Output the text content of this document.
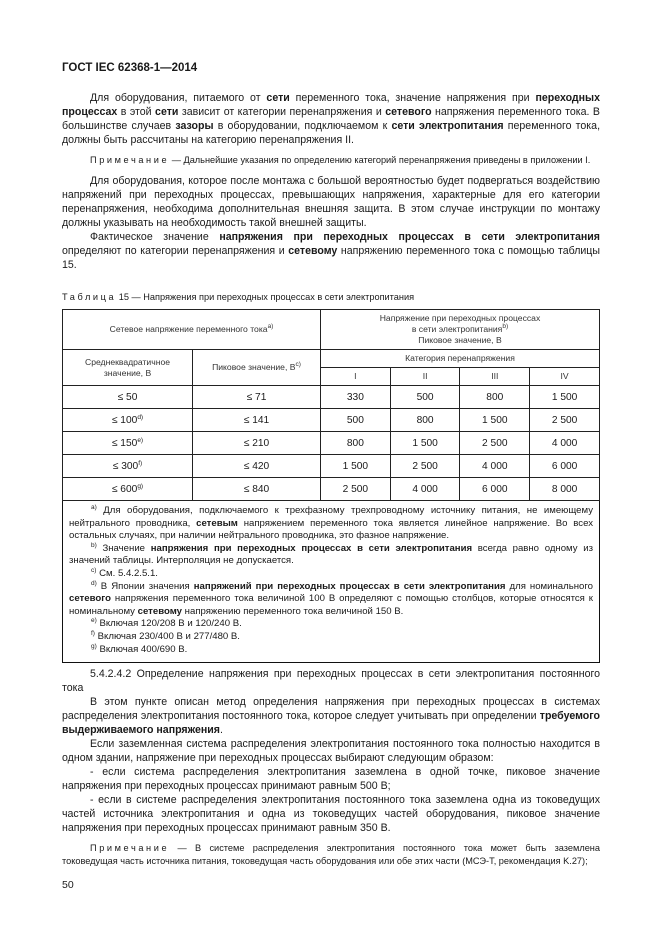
ГОСТ IEC 62368-1—2014

Для оборудования, питаемого от сети переменного тока, значение напряжения при переходных процессах в этой сети зависит от категории перенапряжения и сетевого напряжения переменного тока. В большинстве случаев зазоры в оборудовании, подключаемом к сети электропитания переменного тока, должны быть рассчитаны на категорию перенапряжения II.

Примечание — Дальнейшие указания по определению категорий перенапряжения приведены в приложении I.

Для оборудования, которое после монтажа с большой вероятностью будет подвергаться воздействию напряжений при переходных процессах, превышающих напряжения, характерные для его категории перенапряжения, необходима дополнительная внешняя защита. В этом случае инструкции по монтажу должны указывать на необходимость такой внешней защиты.

Фактическое значение напряжения при переходных процессах в сети электропитания определяют по категории перенапряжения и сетевому напряжению переменного тока с помощью таблицы 15.

Таблица 15 — Напряжения при переходных процессах в сети электропитания
Сетевое напряжение переменного тока$^{a)}$		Напряжение при переходных процессах
в сети электропитания$^{b)}$
Пиковое значение, В			
Среднеквадратичное
значение, В	Пиковое значение, $В^{c)}$	Категория перенапряжения			
		I	II	III	IV
≤ 50	≤ 71	330	500	800	1 500
≤ $100^{d)}$	≤ 141	500	800	1 500	2 500
≤ $150^{e)}$	≤ 210	800	1 500	2 500	4 000
≤ $300^{f)}$	≤ 420	1 500	2 500	4 000	6 000
≤ $600^{g)}$	≤ 840	2 500	4 000	6 000	8 000

$^{a)}$ Для оборудования, подключаемого к трехфазному трехпроводному источнику питания, не имеющему нейтрального проводника, сетевым напряжением переменного тока является линейное напряжение. Во всех остальных случаях, при наличии нейтрального проводника, это фазное напряжение.

$^{b)}$ Значение напряжения при переходных процессах в сети электропитания всегда равно одному из значений таблицы. Интерполяция не допускается.

$^{c)}$ См. 5.4.2.5.1.

$^{d)}$ В Японии значения напряжений при переходных процессах в сети электропитания для номинального сетевого напряжения переменного тока величиной 100 В определяют с помощью столбцов, которые относятся к номинальному сетевому напряжению переменного тока величиной 150 В.

$^{e)}$ Включая 120/208 В и 120/240 В.

$^{f)}$ Включая 230/400 В и 277/480 В.

$^{g)}$ Включая 400/690 В.

5.4.2.4.2 Определение напряжения при переходных процессах в сети электропитания постоянного тока

В этом пункте описан метод определения напряжения при переходных процессах в системах распределения электропитания постоянного тока, которое следует учитывать при определении требуемого выдерживаемого напряжения.

Если заземленная система распределения электропитания постоянного тока полностью находится в одном здании, напряжение при переходных процессах выбирают следующим образом:

- если система распределения электропитания заземлена в одной точке, пиковое значение напряжения при переходных процессах принимают равным 500 В;

- если в системе распределения электропитания постоянного тока заземлена одна из токоведущих частей источника электропитания и одна из токоведущих частей оборудования, пиковое значение напряжения при переходных процессах принимают равным 350 В.

Примечание — В системе распределения электропитания постоянного тока может быть заземлена токоведущая часть источника питания, токоведущая часть оборудования или обе этих части (МСЭ-Т, рекомендация K.27);

50
